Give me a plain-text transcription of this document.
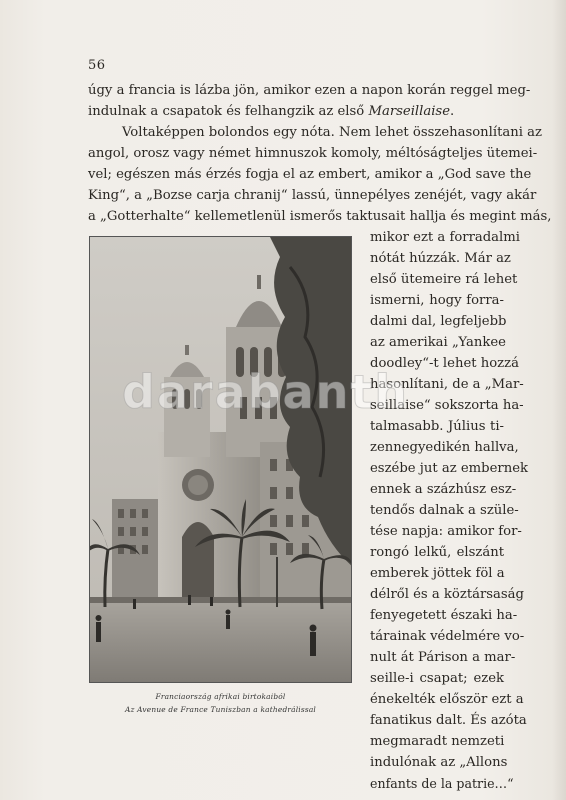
56
úgy a francia is lázba jön, amikor ezen a napon korán reggel meg-
indulnak a csapatok és felhangzik az első Marseillaise.
Voltaképpen bolondos egy nóta. Nem lehet összehasonlítani az
angol, orosz vagy német himnuszok komoly, méltóságteljes ütemei-
vel; egészen más érzés fogja el az embert, amikor a „God save the
King“, a „Bozse carja chranij“ lassú, ünnepélyes zenéjét, vagy akár
a „Gotterhalte“ kellemetlenül ismerős taktusait hallja és megint más,
mikor ezt a forradalmi
nótát húzzák. Már az
első ütemeire rá lehet
ismerni, hogy forra-
dalmi dal, legfeljebb
az amerikai „Yankee
doodley“-t lehet hozzá
hasonlítani, de a „Mar-
seillaise“ sokszorta ha-
talmasabb. Július ti-
zennegyedikén hallva,
eszébe jut az embernek
ennek a százhúsz esz-
tendős dalnak a szüle-
tése napja: amikor for-
rongó lelkű, elszánt
emberek jöttek föl a
délről és a köztársaság
fenyegetett északi ha-
tárainak védelmére vo-
nult át Párison a mar-
seille-i csapat; ezek
énekelték először ezt a
fanatikus dalt. És azóta
megmaradt nemzeti
indulónak az „Allons
enfants de la patrie…“
Franciaország afrikai birtokaiból
Az Avenue de France Tuniszban a kathedrálissal
darabanth
